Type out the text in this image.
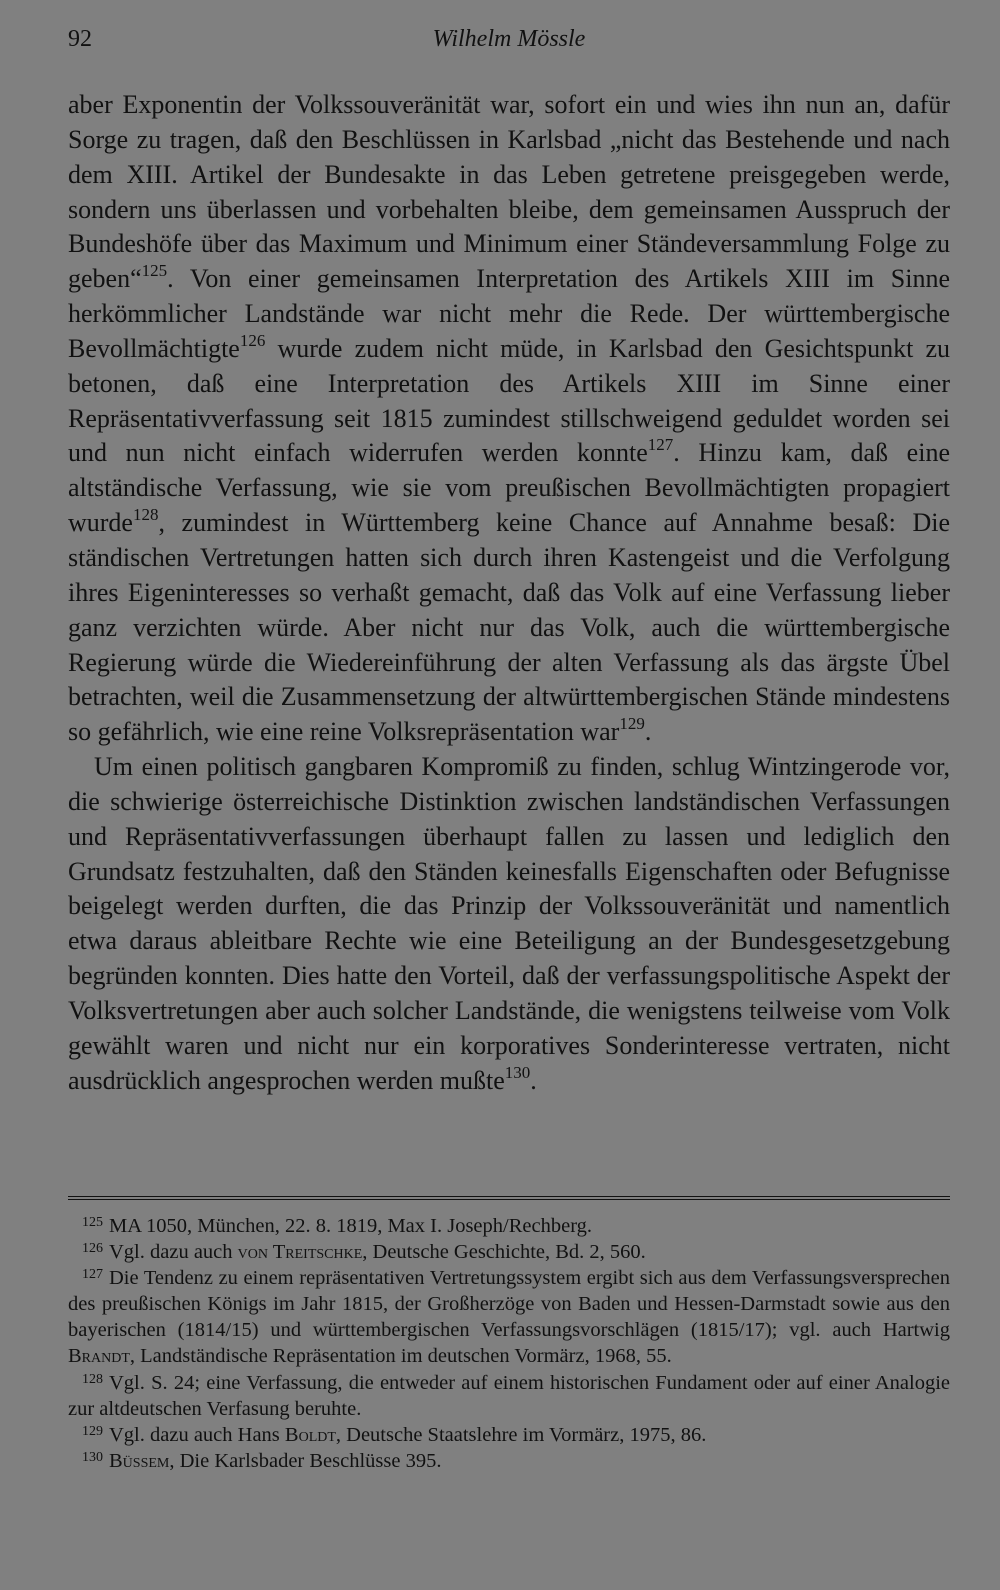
92	Wilhelm Mössle

aber Exponentin der Volkssouveränität war, sofort ein und wies ihn nun an, dafür Sorge zu tragen, daß den Beschlüssen in Karlsbad „nicht das Bestehende und nach dem XIII. Artikel der Bundesakte in das Leben getretene preisgegeben werde, sondern uns überlassen und vorbehalten bleibe, dem gemeinsamen Ausspruch der Bundeshöfe über das Maximum und Minimum einer Ständeversammlung Folge zu geben“$^{125}$. Von einer gemeinsamen Interpretation des Artikels XIII im Sinne herkömmlicher Landstände war nicht mehr die Rede. Der württembergische Bevollmächtigte$^{126}$ wurde zudem nicht müde, in Karlsbad den Gesichtspunkt zu betonen, daß eine Interpretation des Artikels XIII im Sinne einer Repräsentativverfassung seit 1815 zumindest stillschweigend geduldet worden sei und nun nicht einfach widerrufen werden konnte$^{127}$. Hinzu kam, daß eine altständische Verfassung, wie sie vom preußischen Bevollmächtigten propagiert wurde$^{128}$, zumindest in Württemberg keine Chance auf Annahme besaß: Die ständischen Vertretungen hatten sich durch ihren Kastengeist und die Verfolgung ihres Eigeninteresses so verhaßt gemacht, daß das Volk auf eine Verfassung lieber ganz verzichten würde. Aber nicht nur das Volk, auch die württembergische Regierung würde die Wiedereinführung der alten Verfassung als das ärgste Übel betrachten, weil die Zusammensetzung der altwürttembergischen Stände mindestens so gefährlich, wie eine reine Volksrepräsentation war$^{129}$.

Um einen politisch gangbaren Kompromiß zu finden, schlug Wintzingerode vor, die schwierige österreichische Distinktion zwischen landständischen Verfassungen und Repräsentativverfassungen überhaupt fallen zu lassen und lediglich den Grundsatz festzuhalten, daß den Ständen keinesfalls Eigenschaften oder Befugnisse beigelegt werden durften, die das Prinzip der Volkssouveränität und namentlich etwa daraus ableitbare Rechte wie eine Beteiligung an der Bundesgesetzgebung begründen konnten. Dies hatte den Vorteil, daß der verfassungspolitische Aspekt der Volksvertretungen aber auch solcher Landstände, die wenigstens teilweise vom Volk gewählt waren und nicht nur ein korporatives Sonderinteresse vertraten, nicht ausdrücklich angesprochen werden mußte$^{130}$.

$^{125}$ MA 1050, München, 22. 8. 1819, Max I. Joseph/Rechberg.

$^{126}$ Vgl. dazu auch von Treitschke, Deutsche Geschichte, Bd. 2, 560.

$^{127}$ Die Tendenz zu einem repräsentativen Vertretungssystem ergibt sich aus dem Verfassungsversprechen des preußischen Königs im Jahr 1815, der Großherzöge von Baden und Hessen-Darmstadt sowie aus den bayerischen (1814/15) und württembergischen Verfassungsvorschlägen (1815/17); vgl. auch Hartwig Brandt, Landständische Repräsentation im deutschen Vormärz, 1968, 55.

$^{128}$ Vgl. S. 24; eine Verfassung, die entweder auf einem historischen Fundament oder auf einer Analogie zur altdeutschen Verfasung beruhte.

$^{129}$ Vgl. dazu auch Hans Boldt, Deutsche Staatslehre im Vormärz, 1975, 86.

$^{130}$ Büssem, Die Karlsbader Beschlüsse 395.
